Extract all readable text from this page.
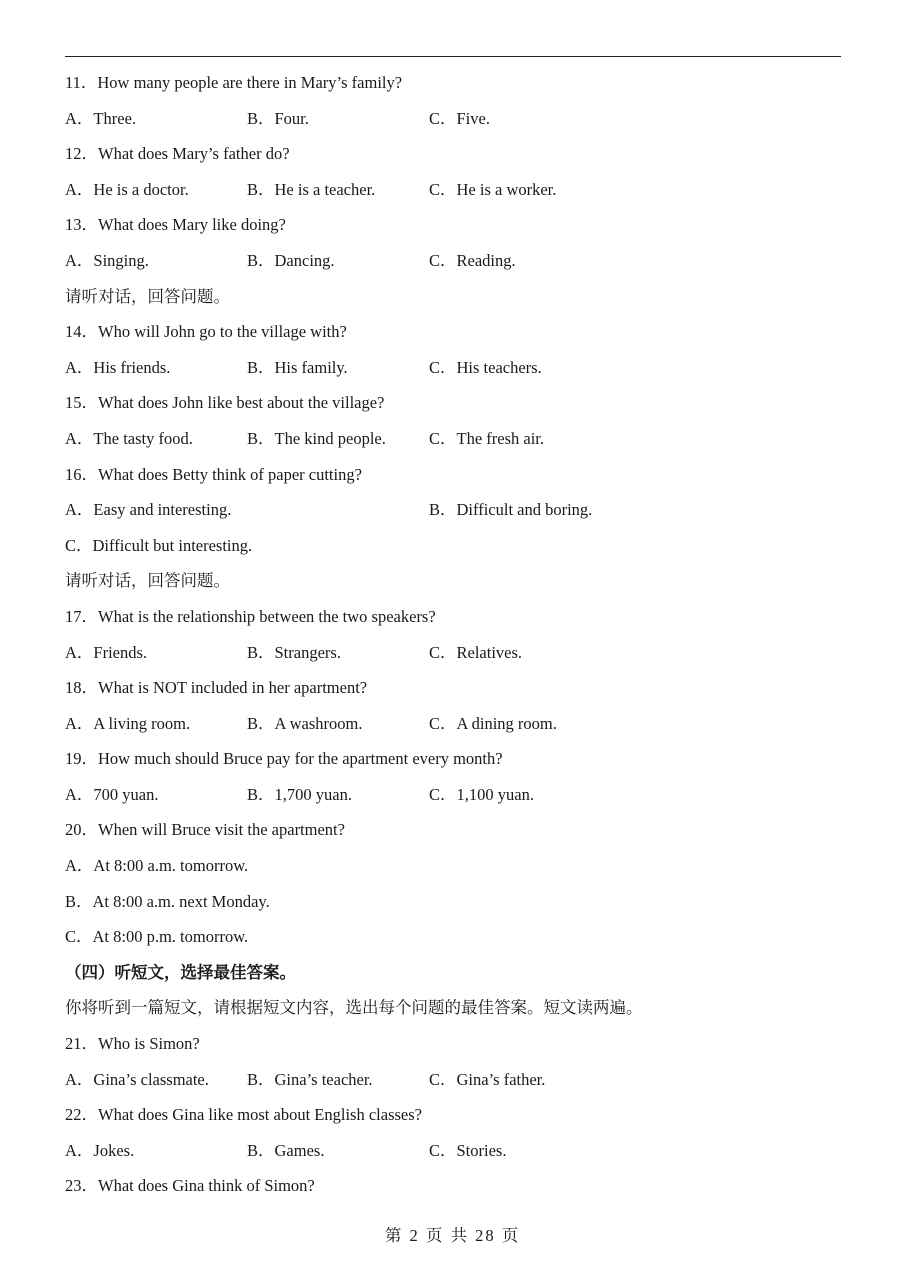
11．How many people are there in Mary’s family?
A．Three.	B．Four.	C．Five.
12．What does Mary’s father do?
A．He is a doctor.	B．He is a teacher.	C．He is a worker.
13．What does Mary like doing?
A．Singing.	B．Dancing.	C．Reading.
请听对话，回答问题。
14．Who will John go to the village with?
A．His friends.	B．His family.	C．His teachers.
15．What does John like best about the village?
A．The tasty food.	B．The kind people.	C．The fresh air.
16．What does Betty think of paper cutting?
A．Easy and interesting.	B．Difficult and boring.
C．Difficult but interesting.
请听对话，回答问题。
17．What is the relationship between the two speakers?
A．Friends.	B．Strangers.	C．Relatives.
18．What is NOT included in her apartment?
A．A living room.	B．A washroom.	C．A dining room.
19．How much should Bruce pay for the apartment every month?
A．700 yuan.	B．1,700 yuan.	C．1,100 yuan.
20．When will Bruce visit the apartment?
A．At 8:00 a.m. tomorrow.
B．At 8:00 a.m. next Monday.
C．At 8:00 p.m. tomorrow.
（四）听短文，选择最佳答案。
你将听到一篇短文，请根据短文内容，选出每个问题的最佳答案。短文读两遍。
21．Who is Simon?
A．Gina’s classmate. B．Gina’s teacher.	C．Gina’s father.
22．What does Gina like most about English classes?
A．Jokes.	B．Games.	C．Stories.
23．What does Gina think of Simon?
第 2 页 共 28 页
